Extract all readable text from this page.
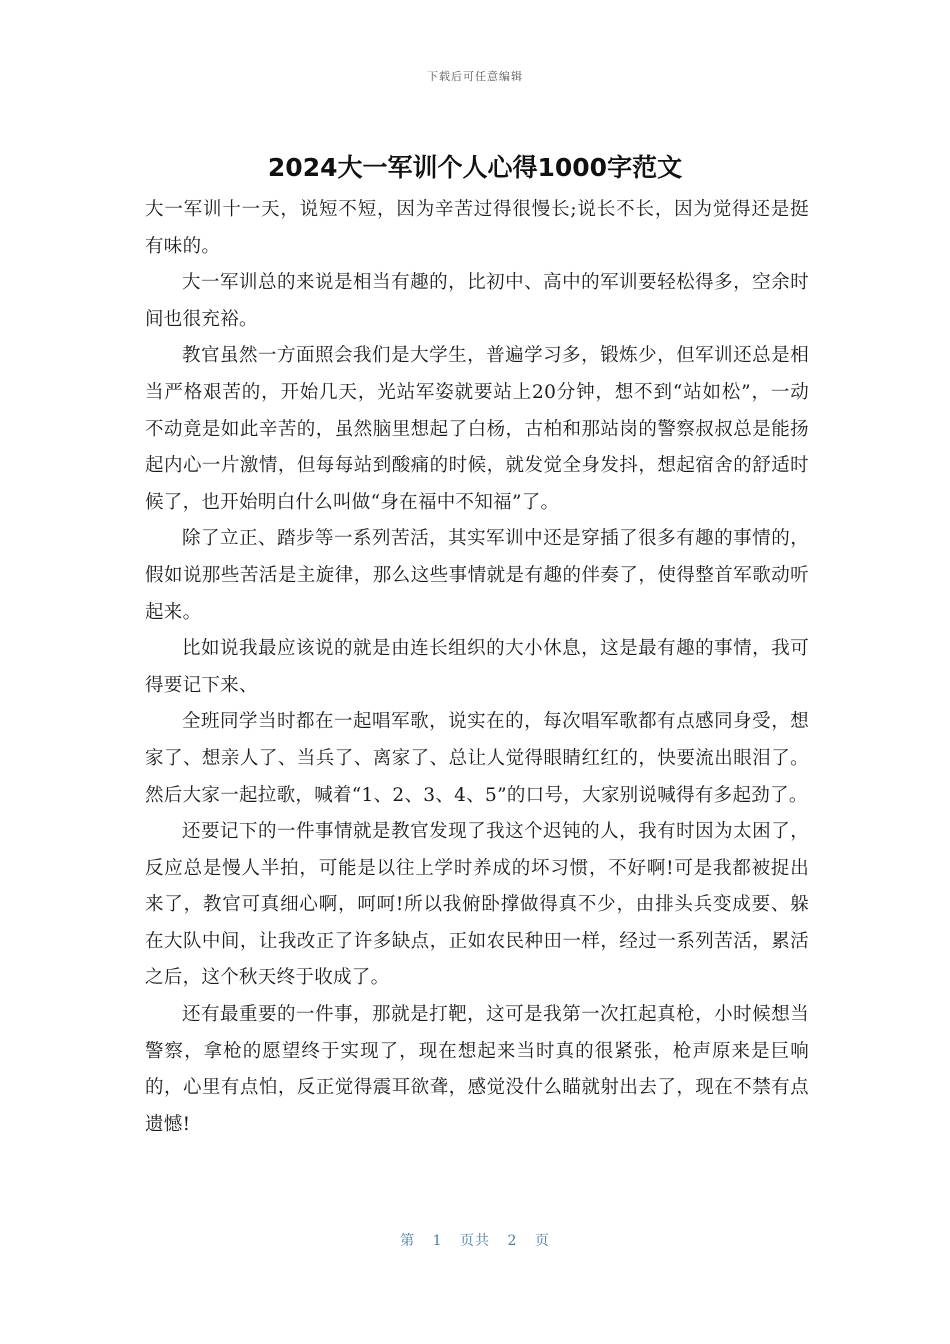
下载后可任意编辑
2024大一军训个人心得1000字范文

大一军训十一天，说短不短，因为辛苦过得很慢长;说长不长，因为觉得还是挺有味的。

大一军训总的来说是相当有趣的，比初中、高中的军训要轻松得多，空余时间也很充裕。

教官虽然一方面照会我们是大学生，普遍学习多，锻炼少，但军训还总是相当严格艰苦的，开始几天，光站军姿就要站上20分钟，想不到“站如松”，一动不动竟是如此辛苦的，虽然脑里想起了白杨，古柏和那站岗的警察叔叔总是能扬起内心一片激情，但每每站到酸痛的时候，就发觉全身发抖，想起宿舍的舒适时候了，也开始明白什么叫做“身在福中不知福”了。

除了立正、踏步等一系列苦活，其实军训中还是穿插了很多有趣的事情的，假如说那些苦活是主旋律，那么这些事情就是有趣的伴奏了，使得整首军歌动听起来。

比如说我最应该说的就是由连长组织的大小休息，这是最有趣的事情，我可得要记下来、

全班同学当时都在一起唱军歌，说实在的，每次唱军歌都有点感同身受，想家了、想亲人了、当兵了、离家了、总让人觉得眼睛红红的，快要流出眼泪了。然后大家一起拉歌，喊着“1、2、3、4、5”的口号，大家别说喊得有多起劲了。

还要记下的一件事情就是教官发现了我这个迟钝的人，我有时因为太困了，反应总是慢人半拍，可能是以往上学时养成的坏习惯，不好啊!可是我都被捉出来了，教官可真细心啊，呵呵!所以我俯卧撑做得真不少，由排头兵变成要、躲在大队中间，让我改正了许多缺点，正如农民种田一样，经过一系列苦活，累活之后，这个秋天终于收成了。

还有最重要的一件事，那就是打靶，这可是我第一次扛起真枪，小时候想当警察，拿枪的愿望终于实现了，现在想起来当时真的很紧张，枪声原来是巨响的，心里有点怕，反正觉得震耳欲聋，感觉没什么瞄就射出去了，现在不禁有点遗憾!

第 1 页共 2 页
